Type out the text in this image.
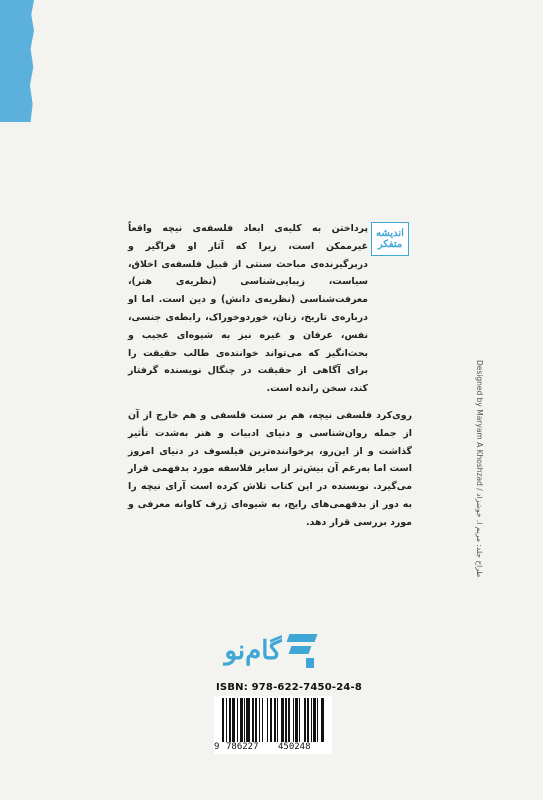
اندیشه
متفکر

پرداختن به کلیه‌ی ابعاد فلسفه‌ی نیچه واقعاً غیرممکن است، زیرا که آثار او فراگیر و دربرگیرنده‌ی مباحث سنتی از قبیل فلسفه‌ی اخلاق، سیاست، زیبایی‌شناسی (نظریه‌ی هنر)، معرفت‌شناسی (نظریه‌ی دانش) و دین است. اما او درباره‌ی تاریخ، زنان، خوردوخوراک، رابطه‌ی جنسی، نفس، عرفان و غیره نیز به شیوه‌ای عجیب و بحث‌انگیز که می‌تواند خواننده‌ی طالب حقیقت را برای آگاهی از حقیقت در چنگال نویسنده گرفتار کند، سخن رانده است.

روی‌کرد فلسفی نیچه، هم بر سنت فلسفی و هم خارج از آن از جمله روان‌شناسی و دنیای ادبیات و هنر به‌شدت تأثیر گذاشت و از این‌رو، پرخواننده‌ترین فیلسوف در دنیای امروز است اما به‌رغم آن بیش‌تر از سایر فلاسفه مورد بدفهمی قرار می‌گیرد. نویسنده در این کتاب تلاش کرده است آرای نیچه را به دور از بدفهمی‌های رایج، به شیوه‌ای ژرف کاوانه معرفی و مورد بررسی قرار دهد.

Designed by Maryam A Khoshzad / طراح جلد: مریم ا. خوشزاد
گام‌نو
ISBN: 978-622-7450-24-8
9 786227 450248
